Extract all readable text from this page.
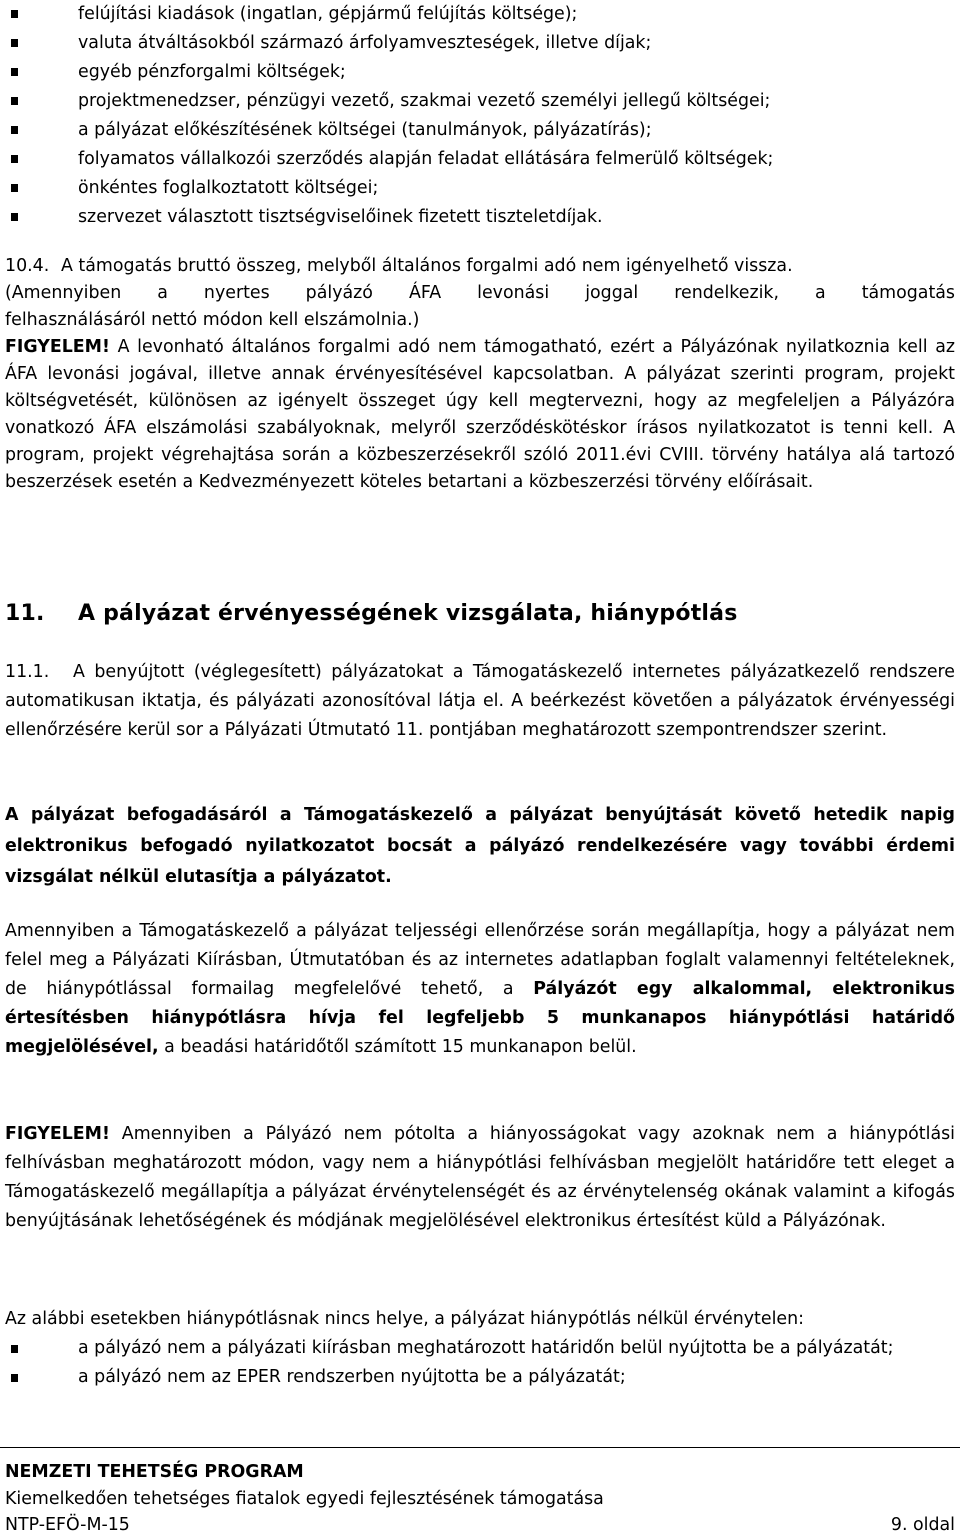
felújítási kiadások (ingatlan, gépjármű felújítás költsége);
valuta átváltásokból származó árfolyamveszteségek, illetve díjak;
egyéb pénzforgalmi költségek;
projektmenedzser, pénzügyi vezető, szakmai vezető személyi jellegű költségei;
a pályázat előkészítésének költségei (tanulmányok, pályázatírás);
folyamatos vállalkozói szerződés alapján feladat ellátására felmerülő költségek;
önkéntes foglalkoztatott költségei;
szervezet választott tisztségviselőinek fizetett tiszteletdíjak.
10.4. A támogatás bruttó összeg, melyből általános forgalmi adó nem igényelhető vissza.
(Amennyiben a nyertes pályázó ÁFA levonási joggal rendelkezik, a támogatás
felhasználásáról nettó módon kell elszámolnia.)
FIGYELEM! A levonható általános forgalmi adó nem támogatható, ezért a Pályázónak nyilatkoznia kell az ÁFA levonási jogával, illetve annak érvényesítésével kapcsolatban. A pályázat szerinti program, projekt költségvetését, különösen az igényelt összeget úgy kell megtervezni, hogy az megfeleljen a Pályázóra vonatkozó ÁFA elszámolási szabályoknak, melyről szerződéskötéskor írásos nyilatkozatot is tenni kell. A program, projekt végrehajtása során a közbeszerzésekről szóló 2011.évi CVIII. törvény hatálya alá tartozó beszerzések esetén a Kedvezményezett köteles betartani a közbeszerzési törvény előírásait.
11. A pályázat érvényességének vizsgálata, hiánypótlás
11.1. A benyújtott (véglegesített) pályázatokat a Támogatáskezelő internetes pályázatkezelő rendszere automatikusan iktatja, és pályázati azonosítóval látja el. A beérkezést követően a pályázatok érvényességi ellenőrzésére kerül sor a Pályázati Útmutató 11. pontjában meghatározott szempontrendszer szerint.
A pályázat befogadásáról a Támogatáskezelő a pályázat benyújtását követő hetedik napig elektronikus befogadó nyilatkozatot bocsát a pályázó rendelkezésére vagy további érdemi vizsgálat nélkül elutasítja a pályázatot.
Amennyiben a Támogatáskezelő a pályázat teljességi ellenőrzése során megállapítja, hogy a pályázat nem felel meg a Pályázati Kiírásban, Útmutatóban és az internetes adatlapban foglalt valamennyi feltételeknek, de hiánypótlással formailag megfelelővé tehető, a Pályázót egy alkalommal, elektronikus értesítésben hiánypótlásra hívja fel legfeljebb 5 munkanapos hiánypótlási határidő megjelölésével, a beadási határidőtől számított 15 munkanapon belül.
FIGYELEM! Amennyiben a Pályázó nem pótolta a hiányosságokat vagy azoknak nem a hiánypótlási felhívásban meghatározott módon, vagy nem a hiánypótlási felhívásban megjelölt határidőre tett eleget a Támogatáskezelő megállapítja a pályázat érvénytelenségét és az érvénytelenség okának valamint a kifogás benyújtásának lehetőségének és módjának megjelölésével elektronikus értesítést küld a Pályázónak.
Az alábbi esetekben hiánypótlásnak nincs helye, a pályázat hiánypótlás nélkül érvénytelen:
a pályázó nem a pályázati kiírásban meghatározott határidőn belül nyújtotta be a pályázatát;
a pályázó nem az EPER rendszerben nyújtotta be a pályázatát;
NEMZETI TEHETSÉG PROGRAM
Kiemelkedően tehetséges fiatalok egyedi fejlesztésének támogatása
NTP-EFÖ-M-15	9. oldal
